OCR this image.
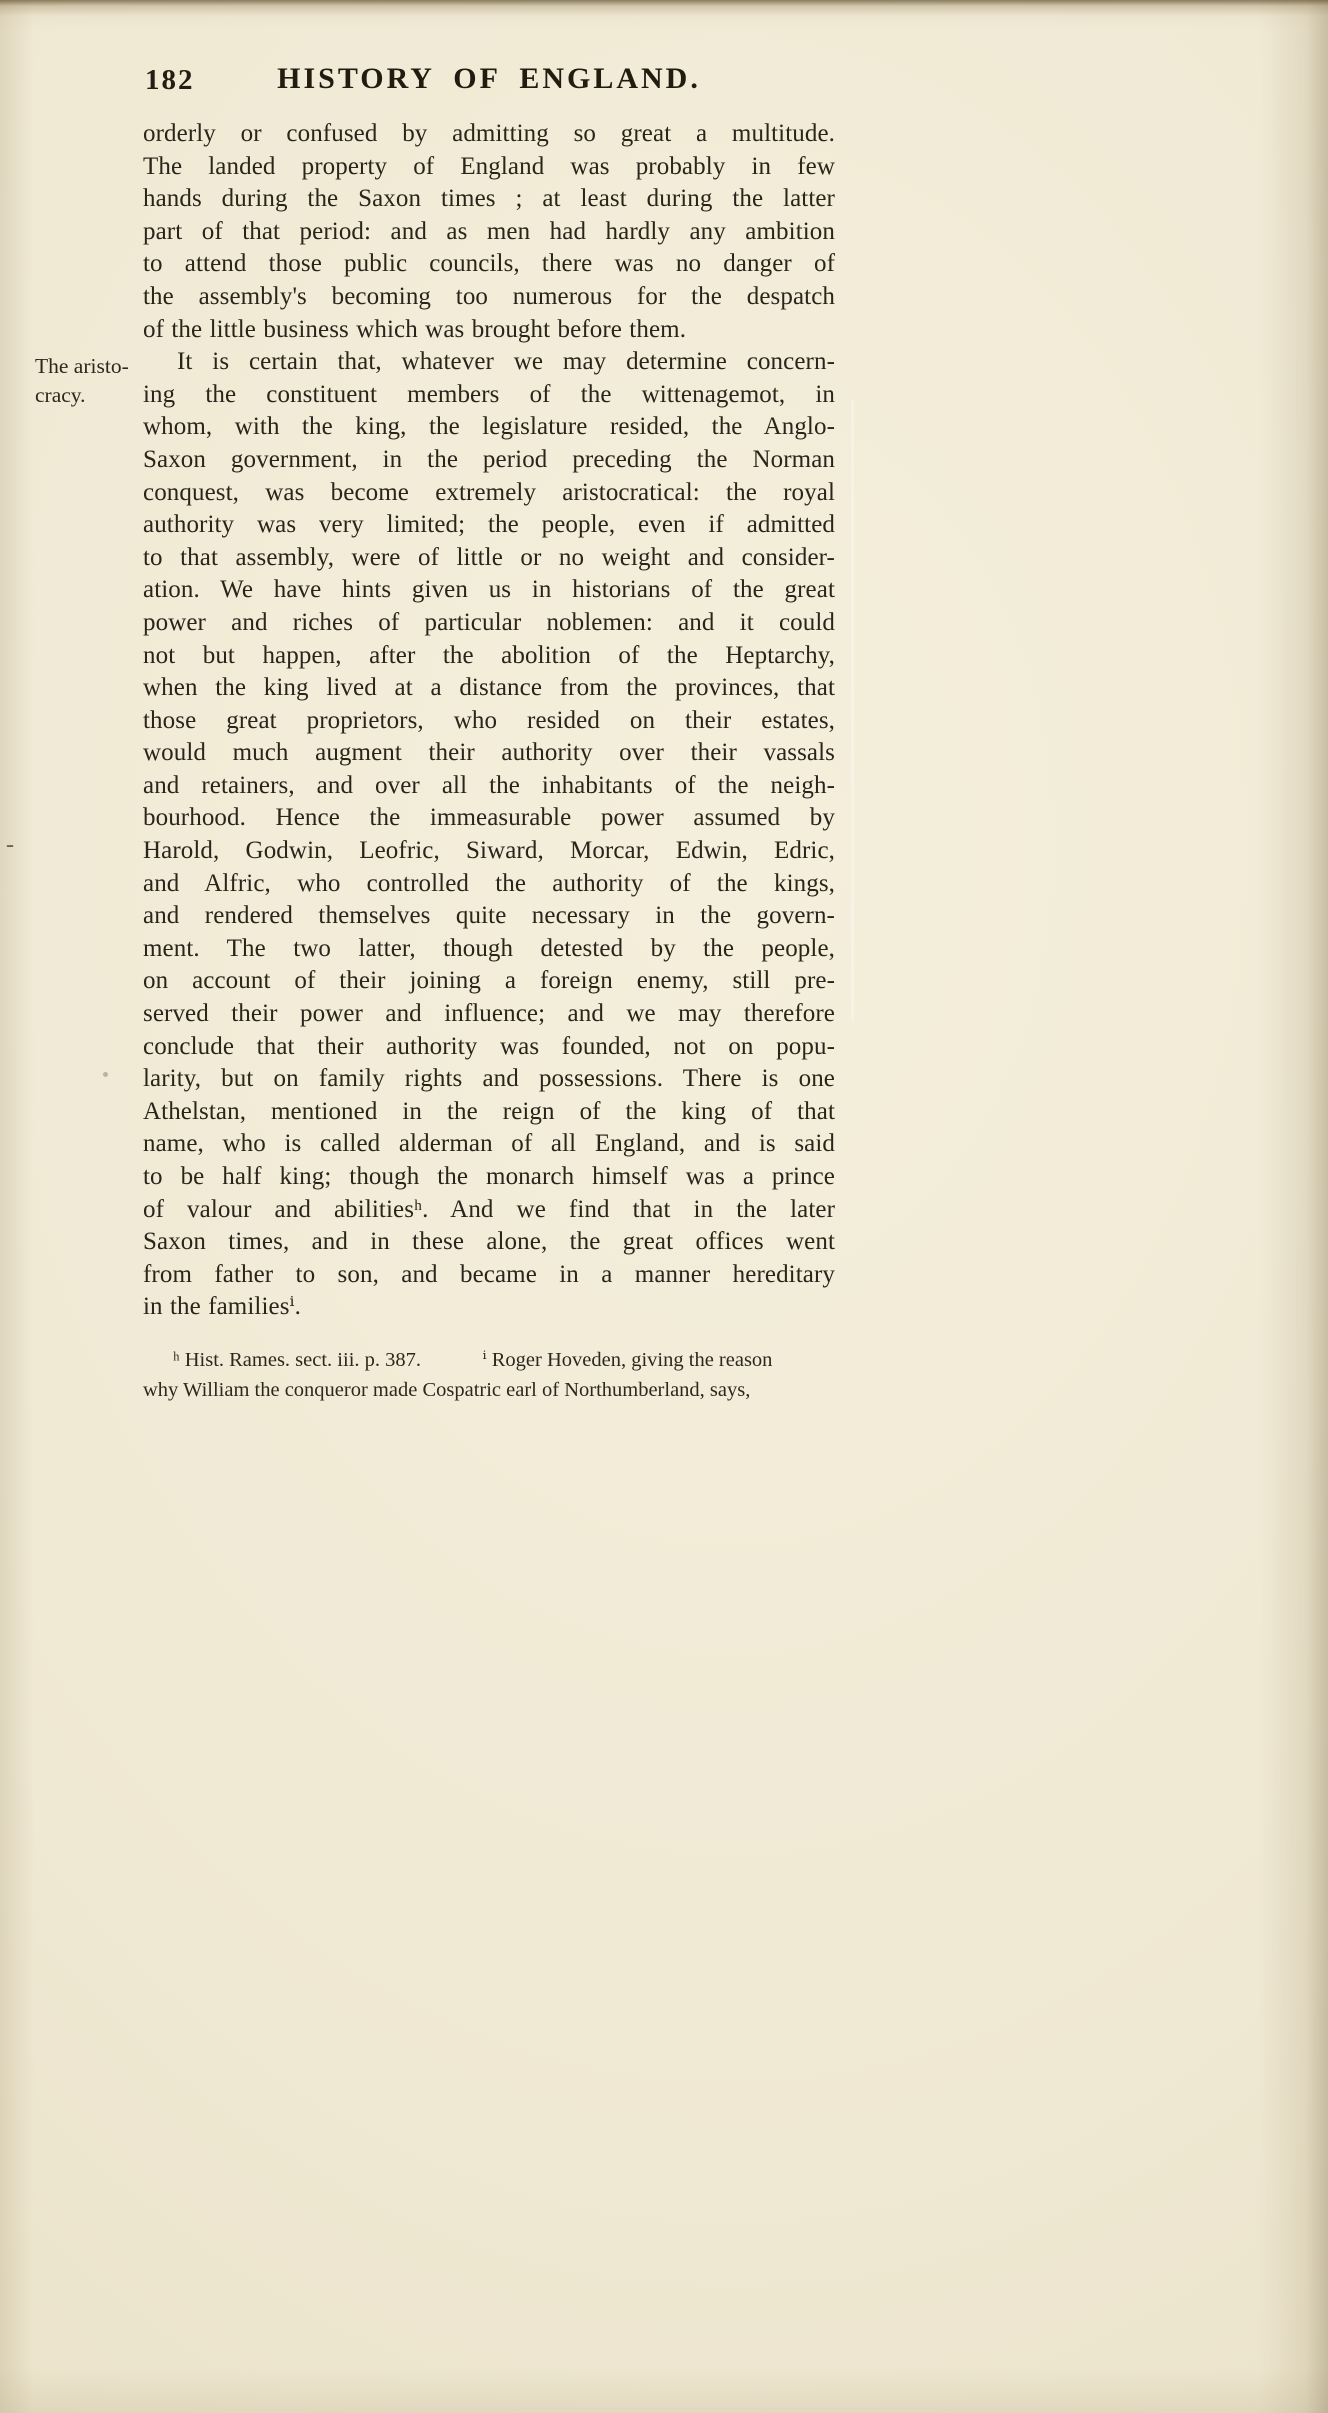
182	HISTORY OF ENGLAND.
The aristo-
cracy.
orderly or confused by admitting so great a multitude.
The landed property of England was probably in few
hands during the Saxon times ; at least during the latter
part of that period: and as men had hardly any ambition
to attend those public councils, there was no danger of
the assembly's becoming too numerous for the despatch
of the little business which was brought before them.
It is certain that, whatever we may determine concern-
ing the constituent members of the wittenagemot, in
whom, with the king, the legislature resided, the Anglo-
Saxon government, in the period preceding the Norman
conquest, was become extremely aristocratical: the royal
authority was very limited; the people, even if admitted
to that assembly, were of little or no weight and consider-
ation. We have hints given us in historians of the great
power and riches of particular noblemen: and it could
not but happen, after the abolition of the Heptarchy,
when the king lived at a distance from the provinces, that
those great proprietors, who resided on their estates,
would much augment their authority over their vassals
and retainers, and over all the inhabitants of the neigh-
bourhood. Hence the immeasurable power assumed by
Harold, Godwin, Leofric, Siward, Morcar, Edwin, Edric,
and Alfric, who controlled the authority of the kings,
and rendered themselves quite necessary in the govern-
ment. The two latter, though detested by the people,
on account of their joining a foreign enemy, still pre-
served their power and influence; and we may therefore
conclude that their authority was founded, not on popu-
larity, but on family rights and possessions. There is one
Athelstan, mentioned in the reign of the king of that
name, who is called alderman of all England, and is said
to be half king; though the monarch himself was a prince
of valour and abilitiesʰ. And we find that in the later
Saxon times, and in these alone, the great offices went
from father to son, and became in a manner hereditary
in the familiesⁱ.
ʰ Hist. Rames. sect. iii. p. 387.            ⁱ Roger Hoveden, giving the reason
why William the conqueror made Cospatric earl of Northumberland, says,
-
